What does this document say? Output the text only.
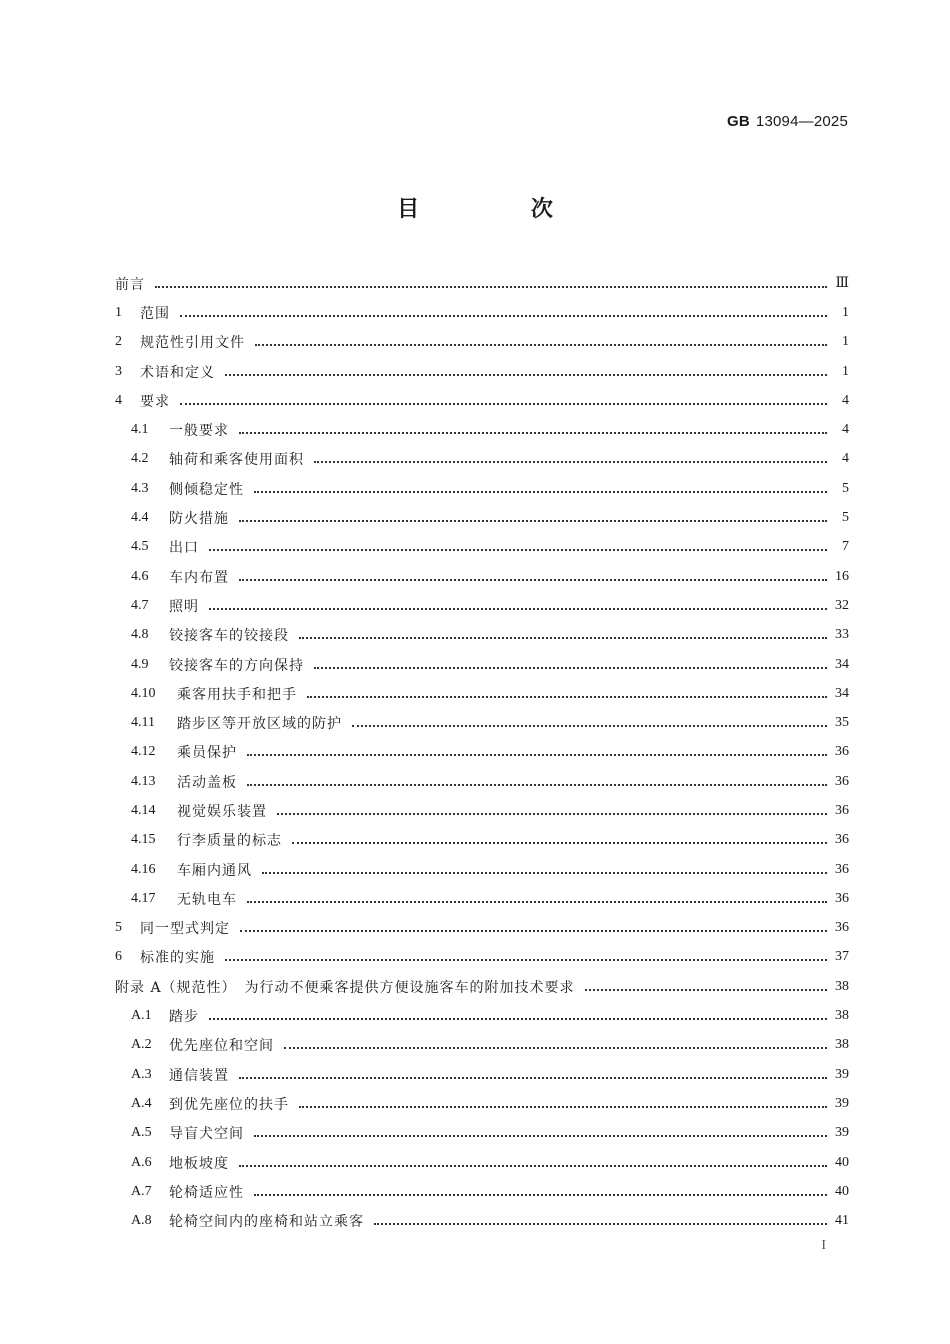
GB 13094—2025
目 次
前言	Ⅲ
1	范围	1
2	规范性引用文件	1
3	术语和定义	1
4	要求	4
4.1	一般要求	4
4.2	轴荷和乘客使用面积	4
4.3	侧倾稳定性	5
4.4	防火措施	5
4.5	出口	7
4.6	车内布置	16
4.7	照明	32
4.8	铰接客车的铰接段	33
4.9	铰接客车的方向保持	34
4.10	乘客用扶手和把手	34
4.11	踏步区等开放区域的防护	35
4.12	乘员保护	36
4.13	活动盖板	36
4.14	视觉娱乐装置	36
4.15	行李质量的标志	36
4.16	车厢内通风	36
4.17	无轨电车	36
5	同一型式判定	36
6	标准的实施	37
附录 A（规范性）　为行动不便乘客提供方便设施客车的附加技术要求	38
A.1	踏步	38
A.2	优先座位和空间	38
A.3	通信装置	39
A.4	到优先座位的扶手	39
A.5	导盲犬空间	39
A.6	地板坡度	40
A.7	轮椅适应性	40
A.8	轮椅空间内的座椅和站立乘客	41
I
